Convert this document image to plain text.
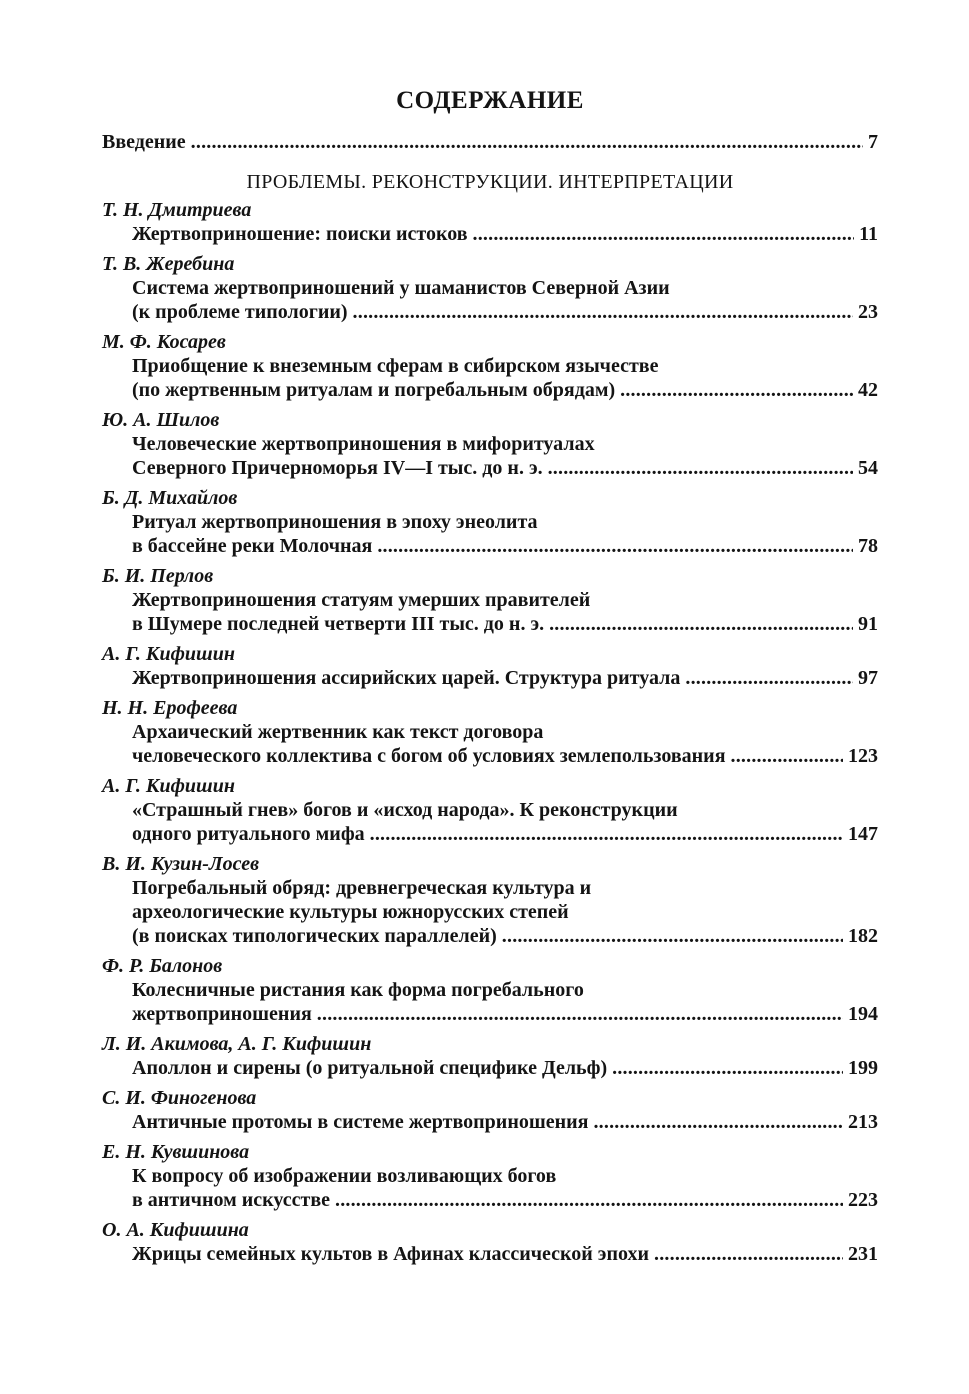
СОДЕРЖАНИЕ
Введение . . .	7
ПРОБЛЕМЫ. РЕКОНСТРУКЦИИ. ИНТЕРПРЕТАЦИИ
Т. Н. Дмитриева
Жертвоприношение: поиски истоков . . .	11
Т. В. Жеребина
Система жертвоприношений у шаманистов Северной Азии
(к проблеме типологии) . . .	23
М. Ф. Косарев
Приобщение к внеземным сферам в сибирском язычестве
(по жертвенным ритуалам и погребальным обрядам) . . .	42
Ю. А. Шилов
Человеческие жертвоприношения в мифоритуалах
Северного Причерноморья IV—I тыс. до н. э. . . .	54
Б. Д. Михайлов
Ритуал жертвоприношения в эпоху энеолита
в бассейне реки Молочная . . .	78
Б. И. Перлов
Жертвоприношения статуям умерших правителей
в Шумере последней четверти III тыс. до н. э. . . .	91
А. Г. Кифишин
Жертвоприношения ассирийских царей. Структура ритуала . . .	97
Н. Н. Ерофеева
Архаический жертвенник как текст договора
человеческого коллектива с богом об условиях землепользования . . .	123
А. Г. Кифишин
«Страшный гнев» богов и «исход народа». К реконструкции
одного ритуального мифа . . .	147
В. И. Кузин-Лосев
Погребальный обряд: древнегреческая культура и
археологические культуры южнорусских степей
(в поисках типологических параллелей) . . .	182
Ф. Р. Балонов
Колесничные ристания как форма погребального
жертвоприношения . . .	194
Л. И. Акимова, А. Г. Кифишин
Аполлон и сирены (о ритуальной специфике Дельф) . . .	199
С. И. Финогенова
Античные протомы в системе жертвоприношения . . .	213
Е. Н. Кувшинова
К вопросу об изображении возливающих богов
в античном искусстве . . .	223
О. А. Кифишина
Жрицы семейных культов в Афинах классической эпохи . . .	231
